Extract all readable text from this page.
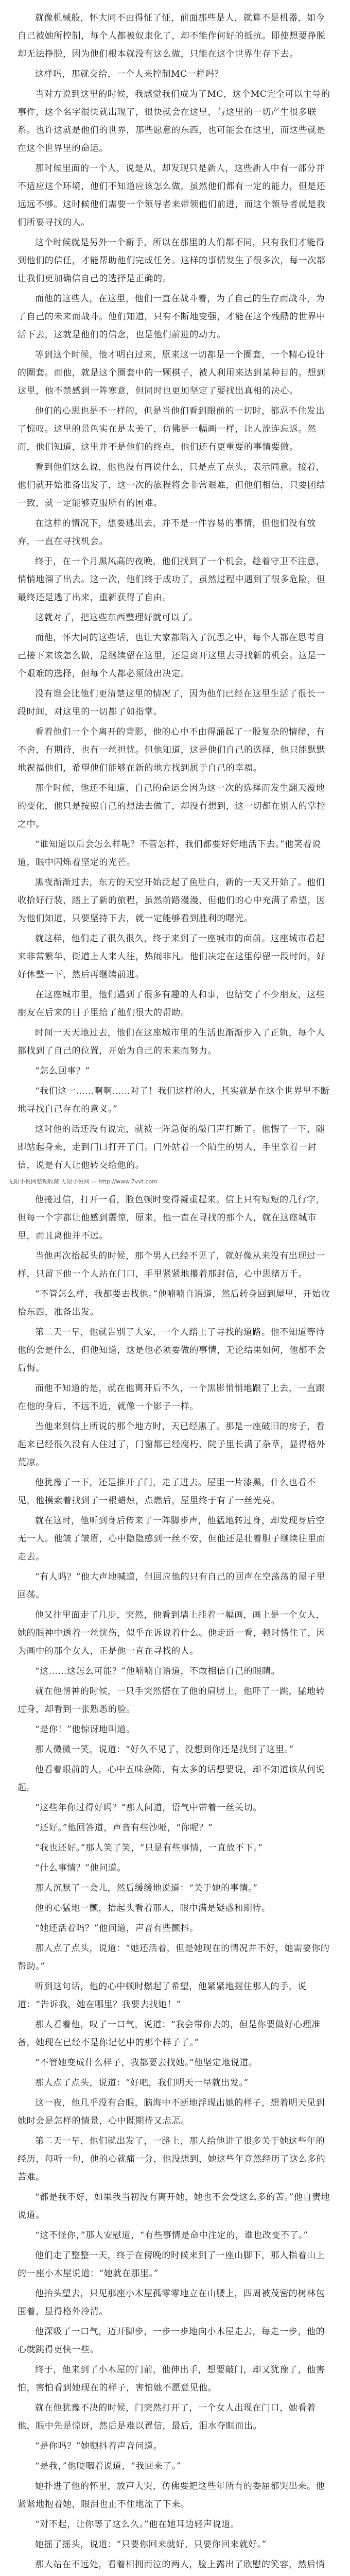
就像机械般，怀大同不由得怔了怔，前面那些是人，就算不是机器，如今自己被她所控制，每个人都被奴隶化了，却不能作何好的抵抗。即使想要挣脱却无法挣脱，因为他们根本就没有这么做，只能在这个世界生存下去。

这样吗，那就交给，一个人来控制MC一样吗？

当对方说到这里的时候，我感觉我们成为了MC，这个MC完全可以主导的事件，这个名字很快就出现了，很快就会在这里，与这里的一切产生很多联系。也许这就是他们的世界，那些愿意的东西，也可能会在这里，而这些就是在这个世界里的命运。

那时候里面的一个人，说是从，却发现只是新人，这些新人中有一部分并不适应这个环境，他们不知道应该怎么做，虽然他们都有一定的能力，但是还远远不够。这时候他们需要一个领导者来带领他们前进，而这个领导者就是我们所要寻找的人。

这个时候就是另外一个新手，所以在那里的人们都不同，只有我们才能得到他们的信任，才能帮助他们完成任务。这样的事情发生了很多次，每一次都让我们更加确信自己的选择是正确的。

而他的这些人，在这里，他们一直在战斗着，为了自己的生存而战斗，为了自己的未来而战斗。他们知道，只有不断地变强，才能在这个残酷的世界中活下去，这就是他们的信念，也是他们前进的动力。

等到这个时候，他才明白过来，原来这一切都是一个圈套，一个精心设计的圈套。而他，就是这个圈套中的一颗棋子，被人利用来达到某种目的。想到这里，他不禁感到一阵寒意，但同时也更加坚定了要找出真相的决心。

他们的心思也是不一样的，但是当他们看到眼前的一切时，都忍不住发出了惊叹。这里的景色实在是太美了，仿佛是一幅画一样，让人流连忘返。然而，他们知道，这里并不是他们的终点，他们还有更重要的事情要做。

看到他们这么说，他也没有再说什么，只是点了点头，表示同意。接着，他们就开始准备出发了，这一次的旅程将会非常艰难，但他们相信，只要团结一致，就一定能够克服所有的困难。

在这样的情况下，想要逃出去，并不是一件容易的事情，但他们没有放弃，一直在寻找机会。

终于，在一个月黑风高的夜晚，他们找到了一个机会，趁着守卫不注意，悄悄地溜了出去。这一次，他们终于成功了，虽然过程中遇到了很多危险，但最终还是逃了出来，重新获得了自由。

这就对了，把这些东西整理好就可以了。

而他，怀大同的这些话，也让大家都陷入了沉思之中，每个人都在思考自己接下来该怎么做，是继续留在这里，还是离开这里去寻找新的机会。这是一个艰难的选择，但每个人都必须做出决定。

没有谁会比他们更清楚这里的情况了，因为他们已经在这里生活了很长一段时间，对这里的一切都了如指掌。

看着他们一个个离开的背影，他的心中不由得涌起了一股复杂的情绪，有不舍，有期待，也有一丝担忧。但他知道，这是他们自己的选择，他只能默默地祝福他们，希望他们能够在新的地方找到属于自己的幸福。

那个时候，他还不知道，自己的命运会因为这一次的选择而发生翻天覆地的变化，他只是按照自己的想法去做了，却没有想到，这一切都在别人的掌控之中。

“谁知道以后会怎么样呢？不管怎样，我们都要好好地活下去。”他笑着说道，眼中闪烁着坚定的光芒。

黑夜渐渐过去，东方的天空开始泛起了鱼肚白，新的一天又开始了。他们收拾好行装，踏上了新的旅程，虽然前路漫漫，但他们的心中充满了希望，因为他们知道，只要坚持下去，就一定能够看到胜利的曙光。

就这样，他们走了很久很久，终于来到了一座城市的面前。这座城市看起来非常繁华，街道上人来人往，热闹非凡。他们决定在这里停留一段时间，好好休整一下，然后再继续前进。

在这座城市里，他们遇到了很多有趣的人和事，也结交了不少朋友，这些朋友在后来的日子里给了他们很大的帮助。

时间一天天地过去，他们在这座城市里的生活也渐渐步入了正轨，每个人都找到了自己的位置，开始为自己的未来而努力。

“怎么回事？”

“我们这一……啊啊……对了！我们这样的人，其实就是在这个世界里不断地寻找自己存在的意义。”

这时他的话还没有说完，就被一阵急促的敲门声打断了。他愣了一下，随即站起身来，走到门口打开了门。门外站着一个陌生的男人，手里拿着一封信，说是有人让他转交给他的。

无限小说网整理收藏 无限小说网 — http://www.7vvt.com

他接过信，打开一看，脸色顿时变得凝重起来。信上只有短短的几行字，但每一个字都让他感到震惊，原来，他一直在寻找的那个人，就在这座城市里，而且离他并不远。

当他再次抬起头的时候，那个男人已经不见了，就好像从来没有出现过一样，只留下他一个人站在门口，手里紧紧地攥着那封信，心中思绪万千。

“不管怎么样，我都要去找他。”他喃喃自语道，然后转身回到屋里，开始收拾东西，准备出发。

第二天一早，他就告别了大家，一个人踏上了寻找的道路。他不知道等待他的会是什么，但他知道，这是他必须要做的事情，无论结果如何，他都不会后悔。

而他不知道的是，就在他离开后不久，一个黑影悄悄地跟了上去，一直跟在他的身后，不远不近，就像一个影子一样。

当他来到信上所说的那个地方时，天已经黑了。那是一座破旧的房子，看起来已经很久没有人住过了，门窗都已经腐朽，院子里长满了杂草，显得格外荒凉。

他犹豫了一下，还是推开了门，走了进去。屋里一片漆黑，什么也看不见，他摸索着找到了一根蜡烛，点燃后，屋里终于有了一丝光亮。

就在这时，他听到身后传来了一阵脚步声，他猛地转过身，却发现身后空无一人。他皱了皱眉，心中隐隐感到一丝不安，但他还是壮着胆子继续往里面走去。

“有人吗？”他大声地喊道，但回应他的只有自己的回声在空荡荡的屋子里回荡。

他又往里面走了几步，突然，他看到墙上挂着一幅画，画上是一个女人，她的眼神中透着一丝忧伤，似乎在诉说着什么。他走近一看，顿时愣住了，因为画中的那个女人，正是他一直在寻找的人。

“这……这怎么可能？”他喃喃自语道，不敢相信自己的眼睛。

就在他愣神的时候，一只手突然搭在了他的肩膀上，他吓了一跳，猛地转过身，却看到一张熟悉的脸。

“是你！”他惊讶地叫道。

那人微微一笑，说道：“好久不见了，没想到你还是找到了这里。”

他看着眼前的人，心中五味杂陈，有太多的话想要说，却不知道该从何说起。

“这些年你过得好吗？”那人问道，语气中带着一丝关切。

“还好。”他回答道，声音有些沙哑，“你呢？”

“我也还好。”那人笑了笑，“只是有些事情，一直放不下。”

“什么事情？”他问道。

那人沉默了一会儿，然后缓缓地说道：“关于她的事情。”

他的心猛地一颤，抬起头看着那人，眼中满是疑惑和期待。

“她还活着吗？”他问道，声音有些颤抖。

那人点了点头，说道：“她还活着，但是她现在的情况并不好，她需要你的帮助。”

听到这句话，他的心中顿时燃起了希望，他紧紧地握住那人的手，说道：“告诉我，她在哪里？我要去找她！”

那人看着他，叹了一口气，说道：“我会带你去的，但是你要做好心理准备，她现在已经不是你记忆中的那个样子了。”

“不管她变成什么样子，我都要去找她。”他坚定地说道。

那人点了点头，说道：“好吧，我们明天一早就出发。”

这一夜，他几乎没有合眼，脑海中不断地浮现出她的样子，想着明天见到她时会是怎样的情景，心中既期待又忐忑。

第二天一早，他们就出发了，一路上，那人给他讲了很多关于她这些年的经历，每听一句，他的心就痛一分，他没想到，她这些年竟然经历了这么多的苦难。

“都是我不好，如果我当初没有离开她，她也不会受这么多的苦。”他自责地说道。

“这不怪你，”那人安慰道，“有些事情是命中注定的，谁也改变不了。”

他们走了整整一天，终于在傍晚的时候来到了一座山脚下，那人指着山上的一座小木屋说道：“她就在那里。”

他抬头望去，只见那座小木屋孤零零地立在山腰上，四周被茂密的树林包围着，显得格外冷清。

他深吸了一口气，迈开脚步，一步一步地向小木屋走去，每走一步，他的心就跳得更快一些。

终于，他来到了小木屋的门前，他伸出手，想要敲门，却又犹豫了，他害怕，害怕看到她现在的样子，害怕她不愿意见他。

就在他犹豫不决的时候，门突然打开了，一个女人出现在门口，她看着他，眼中先是惊讶，然后是难以置信，最后，泪水夺眶而出。

“是你吗？”她颤抖着声音问道。

“是我，”他哽咽着说道，“我回来了。”

她扑进了他的怀里，放声大哭，仿佛要把这些年所有的委屈都哭出来。他紧紧地抱着她，眼泪也止不住地流了下来。

“对不起，让你等了这么久。”他在她耳边轻声说道。

她摇了摇头，说道：“只要你回来就好，只要你回来就好。”

那人站在不远处，看着相拥而泣的两人，脸上露出了欣慰的笑容，然后悄
